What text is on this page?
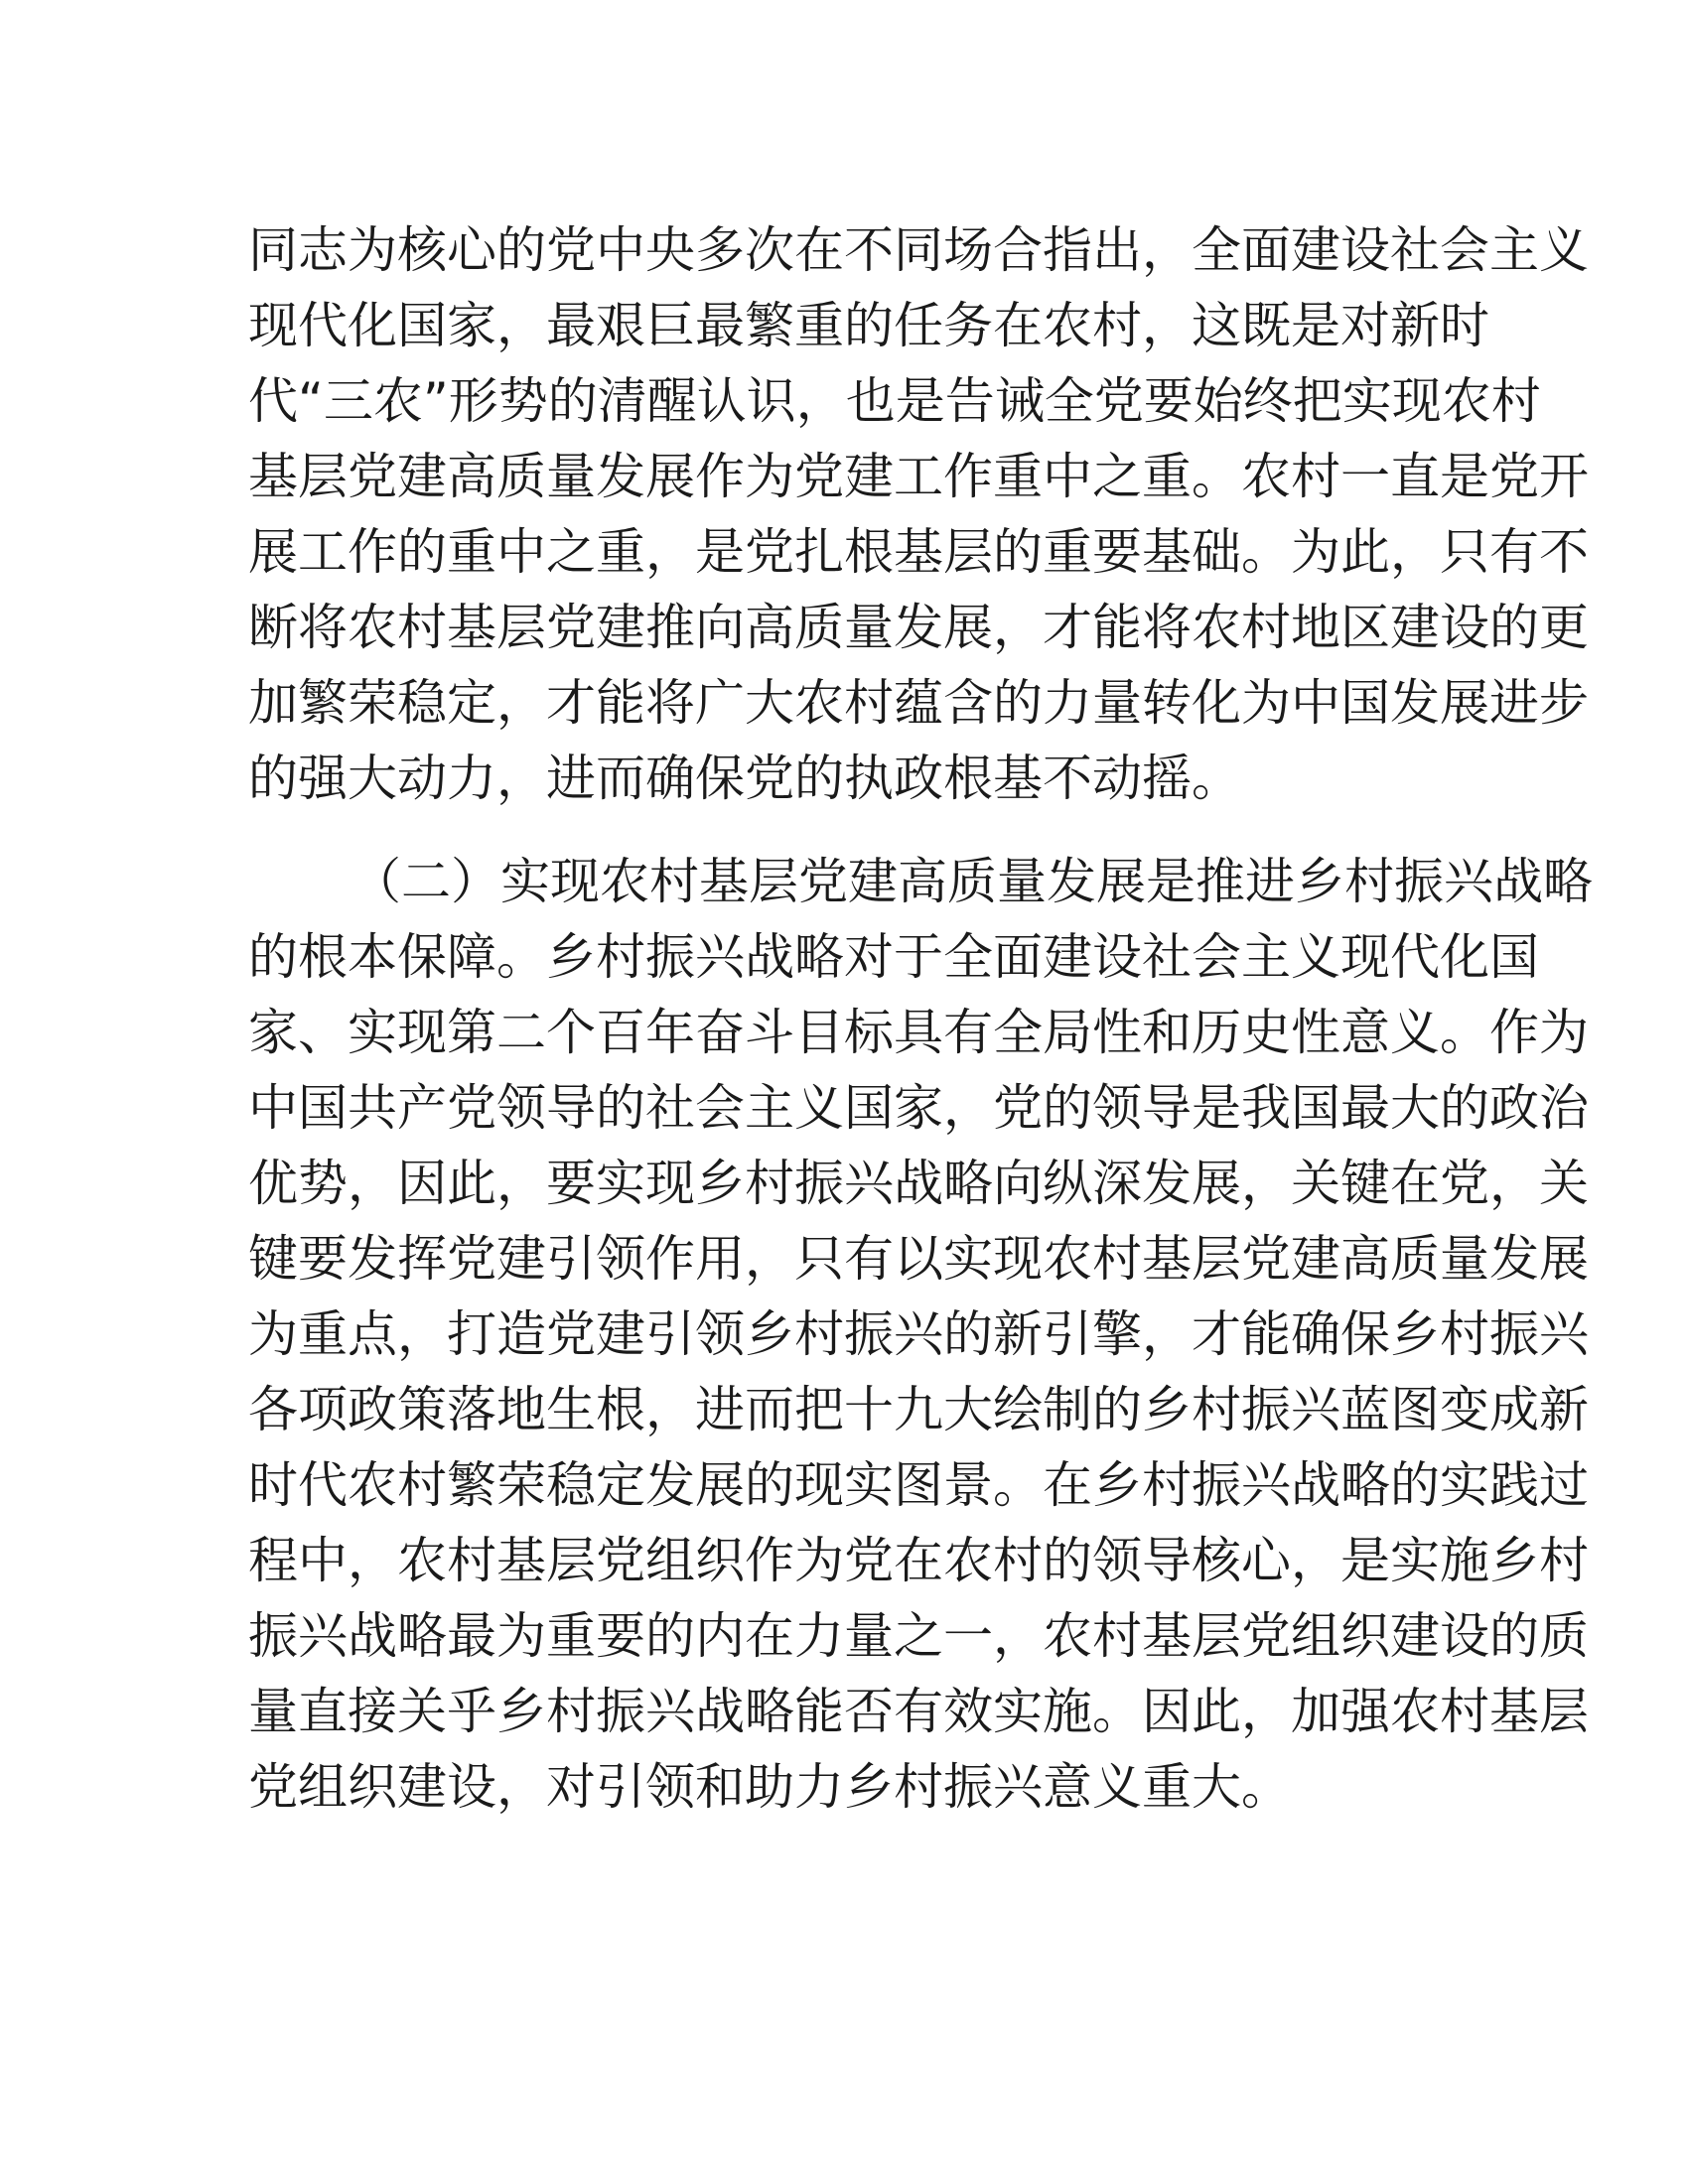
同志为核心的党中央多次在不同场合指出，全面建设社会主义
现代化国家，最艰巨最繁重的任务在农村，这既是对新时
代“三农”形势的清醒认识，也是告诫全党要始终把实现农村
基层党建高质量发展作为党建工作重中之重。农村一直是党开
展工作的重中之重，是党扎根基层的重要基础。为此，只有不
断将农村基层党建推向高质量发展，才能将农村地区建设的更
加繁荣稳定，才能将广大农村蕴含的力量转化为中国发展进步
的强大动力，进而确保党的执政根基不动摇。
（二）实现农村基层党建高质量发展是推进乡村振兴战略
的根本保障。乡村振兴战略对于全面建设社会主义现代化国
家、实现第二个百年奋斗目标具有全局性和历史性意义。作为
中国共产党领导的社会主义国家，党的领导是我国最大的政治
优势，因此，要实现乡村振兴战略向纵深发展，关键在党，关
键要发挥党建引领作用，只有以实现农村基层党建高质量发展
为重点，打造党建引领乡村振兴的新引擎，才能确保乡村振兴
各项政策落地生根，进而把十九大绘制的乡村振兴蓝图变成新
时代农村繁荣稳定发展的现实图景。在乡村振兴战略的实践过
程中，农村基层党组织作为党在农村的领导核心，是实施乡村
振兴战略最为重要的内在力量之一，农村基层党组织建设的质
量直接关乎乡村振兴战略能否有效实施。因此，加强农村基层
党组织建设，对引领和助力乡村振兴意义重大。
